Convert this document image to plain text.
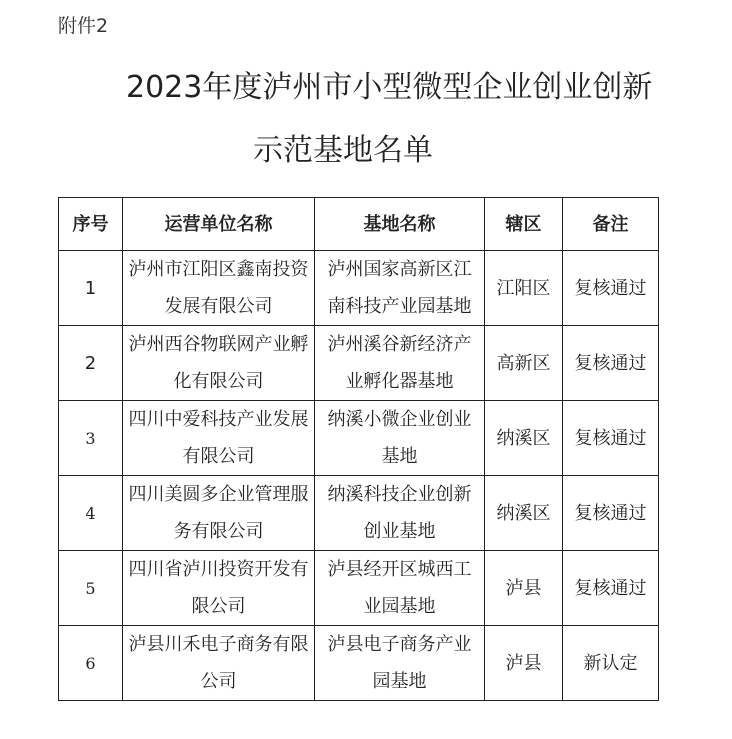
附件2
2023年度泸州市小型微型企业创业创新
示范基地名单
序号	运营单位名称	基地名称	辖区	备注
1	泸州市江阳区鑫南投资发展有限公司	泸州国家高新区江南科技产业园基地	江阳区	复核通过
2	泸州西谷物联网产业孵化有限公司	泸州溪谷新经济产业孵化器基地	高新区	复核通过
3	四川中爱科技产业发展有限公司	纳溪小微企业创业基地	纳溪区	复核通过
4	四川美圆多企业管理服务有限公司	纳溪科技企业创新创业基地	纳溪区	复核通过
5	四川省泸川投资开发有限公司	泸县经开区城西工业园基地	泸县	复核通过
6	泸县川禾电子商务有限公司	泸县电子商务产业园基地	泸县	新认定
